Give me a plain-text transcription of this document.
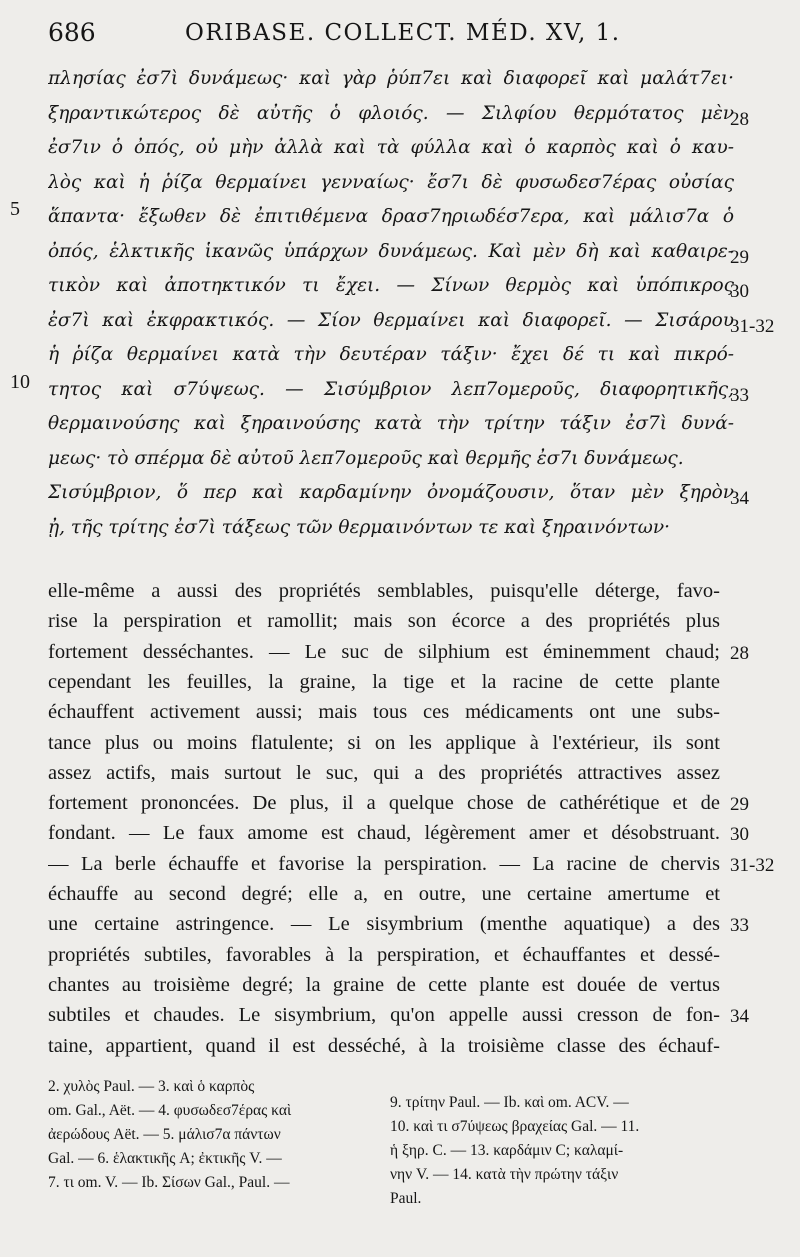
686	ORIBASE. COLLECT. MÉD. XV, 1.
πλησίας ἐσ7ὶ δυνάμεως· καὶ γὰρ ῥύπ7ει καὶ διαφορεῖ καὶ μαλάτ7ει·
ξηραντικώτερος δὲ αὐτῆς ὁ φλοιός. — Σιλφίου θερμότατος μὲν
ἐσ7ιν ὁ ὀπός, οὐ μὴν ἀλλὰ καὶ τὰ φύλλα καὶ ὁ καρπὸς καὶ ὁ καυ-
λὸς καὶ ἡ ῥίζα θερμαίνει γενναίως· ἔσ7ι δὲ φυσωδεσ7έρας οὐσίας
ἅπαντα· ἔξωθεν δὲ ἐπιτιθέμενα δρασ7ηριωδέσ7ερα, καὶ μάλισ7α ὁ
ὀπός, ἑλκτικῆς ἱκανῶς ὑπάρχων δυνάμεως. Καὶ μὲν δὴ καὶ καθαιρε-
τικὸν καὶ ἀποτηκτικόν τι ἔχει. — Σίνων θερμὸς καὶ ὑπόπικρος
ἐσ7ὶ καὶ ἐκφρακτικός. — Σίον θερμαίνει καὶ διαφορεῖ. — Σισάρου
ἡ ῥίζα θερμαίνει κατὰ τὴν δευτέραν τάξιν· ἔχει δέ τι καὶ πικρό-
τητος καὶ σ7ύψεως. — Σισύμβριον λεπ7ομεροῦς, διαφορητικῆς,
θερμαινούσης καὶ ξηραινούσης κατὰ τὴν τρίτην τάξιν ἐσ7ὶ δυνά-
μεως· τὸ σπέρμα δὲ αὐτοῦ λεπ7ομεροῦς καὶ θερμῆς ἐσ7ι δυνάμεως.
Σισύμβριον, ὅ περ καὶ καρδαμίνην ὀνομάζουσιν, ὅταν μὲν ξηρὸν
ᾖ, τῆς τρίτης ἐσ7ὶ τάξεως τῶν θερμαινόντων τε καὶ ξηραινόντων·
28
29
30
31-32
33
34
5
10
elle-même a aussi des propriétés semblables, puisqu'elle déterge, favo-
rise la perspiration et ramollit; mais son écorce a des propriétés plus
fortement desséchantes. — Le suc de silphium est éminemment chaud;
cependant les feuilles, la graine, la tige et la racine de cette plante
échauffent activement aussi; mais tous ces médicaments ont une subs-
tance plus ou moins flatulente; si on les applique à l'extérieur, ils sont
assez actifs, mais surtout le suc, qui a des propriétés attractives assez
fortement prononcées. De plus, il a quelque chose de cathérétique et de
fondant. — Le faux amome est chaud, légèrement amer et désobstruant.
— La berle échauffe et favorise la perspiration. — La racine de chervis
échauffe au second degré; elle a, en outre, une certaine amertume et
une certaine astringence. — Le sisymbrium (menthe aquatique) a des
propriétés subtiles, favorables à la perspiration, et échauffantes et dessé-
chantes au troisième degré; la graine de cette plante est douée de vertus
subtiles et chaudes. Le sisymbrium, qu'on appelle aussi cresson de fon-
taine, appartient, quand il est desséché, à la troisième classe des échauf-
28
29
30
31-32
33
34
2. χυλὸς Paul. — 3. καὶ ὁ καρπὸς
om. Gal., Aët. — 4. φυσωδεσ7έρας καὶ
ἀερώδους Aët. — 5. μάλισ7α πάντων
Gal. — 6. ἑλακτικῆς A; ἐκτικῆς V. —
7. τι om. V. — Ib. Σίσων Gal., Paul. —
9. τρίτην Paul. — Ib. καὶ om. ACV. —
10. καὶ τι σ7ύψεως βραχείας Gal. — 11.
ἡ ξηρ. C. — 13. καρδάμιν C; καλαμί-
νην V. — 14. κατὰ τὴν πρώτην τάξιν
Paul.
